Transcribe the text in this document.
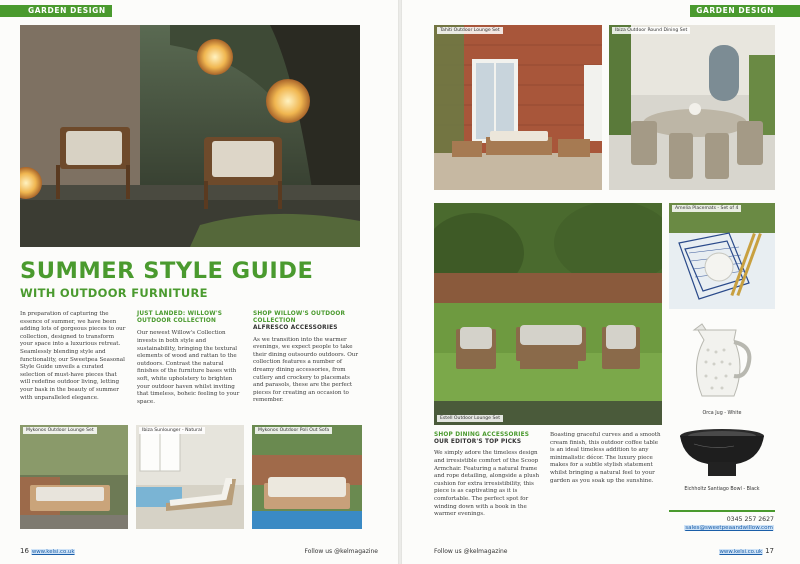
GARDEN DESIGN
SUMMER STYLE GUIDE
WITH OUTDOOR FURNITURE
In preparation of capturing the essence of summer, we have been adding lots of gorgeous pieces to our collection, designed to transform your space into a luxurious retreat. Seamlessly blending style and functionality, our Sweetpea Seasonal Style Guide unveils a curated selection of must-have pieces that will redefine outdoor living, letting your bask in the beauty of summer with unparalleled elegance.
JUST LANDED: WILLOW'S OUTDOOR COLLECTION
Our newest Willow's Collection invests in both style and sustainability, bringing the textural elements of wood and rattan to the outdoors. Contrast the natural finishes of the furniture bases with soft, white upholstery to brighten your outdoor haven whilst inviting that timeless, boheic feeling to your space.
SHOP WILLOW'S OUTDOOR COLLECTION
ALFRESCO ACCESSORIES
As we transition into the warmer evenings, we expect people to take their dining outsourdo outdoors. Our collection features a number of dreamy dining accessories, from cutlery and crockery to placemats and parasols, these are the perfect pieces for creating an occasion to remember.
Mykonos Outdoor Lounge Set	Ibiza Sunlounger - Natural	Mykonos Outdoor Poli Out Sofa
16 www.kelsi.co.uk	Follow us @kelmagazine
GARDEN DESIGN
Tahiti Outdoor Lounge Set	Ibiza Outdoor Round Dining Set
Estell Outdoor Lounge Set
Amelia Placemats - Set of 4
Orca Jug - White
Eichholtz Santiago Bowl - Black
SHOP DINING ACCESSORIES
OUR EDITOR'S TOP PICKS
We simply adore the timeless design and irresistible comfort of the Scoop Armchair. Featuring a natural frame and rope detailing, alongside a plush cushion for extra irresistibility, this piece is as captivating as it is comfortable. The perfect spot for winding down with a book in the warmer evenings.
Boasting graceful curves and a smooth cream finish, this outdoor coffee table is an ideal timeless addition to any minimalistic décor. The luxury piece makes for a subtle stylish statement whilst bringing a natural feel to your garden as you soak up the sunshine.
0345 257 2627
sales@sweetpeaandwillow.com
Follow us @kelmagazine	www.kelsi.co.uk 17
